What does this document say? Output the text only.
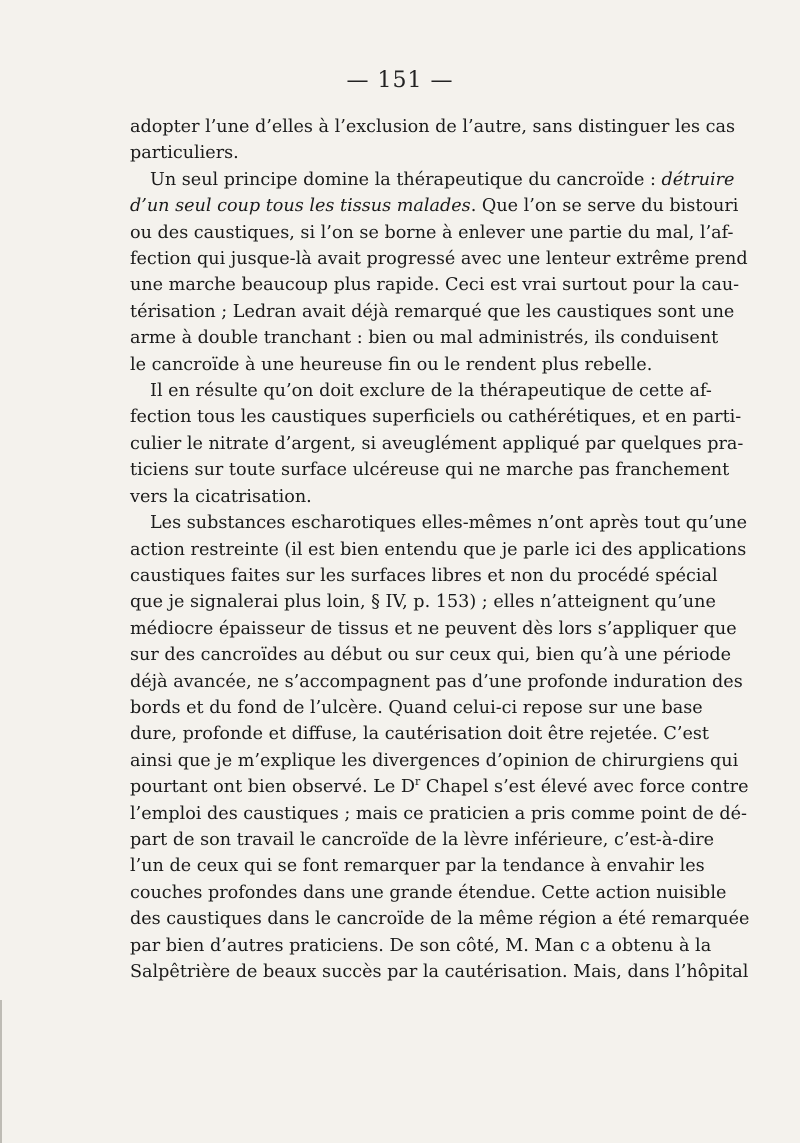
— 151 —
adopter l’une d’elles à l’exclusion de l’autre, sans distinguer les cas
particuliers.
Un seul principe domine la thérapeutique du cancroïde : détruire
d’un seul coup tous les tissus malades. Que l’on se serve du bistouri
ou des caustiques, si l’on se borne à enlever une partie du mal, l’af-
fection qui jusque-là avait progressé avec une lenteur extrême prend
une marche beaucoup plus rapide. Ceci est vrai surtout pour la cau-
térisation ; Ledran avait déjà remarqué que les caustiques sont une
arme à double tranchant : bien ou mal administrés, ils conduisent
le cancroïde à une heureuse fin ou le rendent plus rebelle.
Il en résulte qu’on doit exclure de la thérapeutique de cette af-
fection tous les caustiques superficiels ou cathérétiques, et en parti-
culier le nitrate d’argent, si aveuglément appliqué par quelques pra-
ticiens sur toute surface ulcéreuse qui ne marche pas franchement
vers la cicatrisation.
Les substances escharotiques elles-mêmes n’ont après tout qu’une
action restreinte (il est bien entendu que je parle ici des applications
caustiques faites sur les surfaces libres et non du procédé spécial
que je signalerai plus loin, § IV, p. 153) ; elles n’atteignent qu’une
médiocre épaisseur de tissus et ne peuvent dès lors s’appliquer que
sur des cancroïdes au début ou sur ceux qui, bien qu’à une période
déjà avancée, ne s’accompagnent pas d’une profonde induration des
bords et du fond de l’ulcère. Quand celui-ci repose sur une base
dure, profonde et diffuse, la cautérisation doit être rejetée. C’est
ainsi que je m’explique les divergences d’opinion de chirurgiens qui
pourtant ont bien observé. Le $D^r$ Chapel s’est élevé avec force contre
l’emploi des caustiques ; mais ce praticien a pris comme point de dé-
part de son travail le cancroïde de la lèvre inférieure, c’est-à-dire
l’un de ceux qui se font remarquer par la tendance à envahir les
couches profondes dans une grande étendue. Cette action nuisible
des caustiques dans le cancroïde de la même région a été remarquée
par bien d’autres praticiens. De son côté, M. Man c a obtenu à la
Salpêtrière de beaux succès par la cautérisation. Mais, dans l’hôpital
